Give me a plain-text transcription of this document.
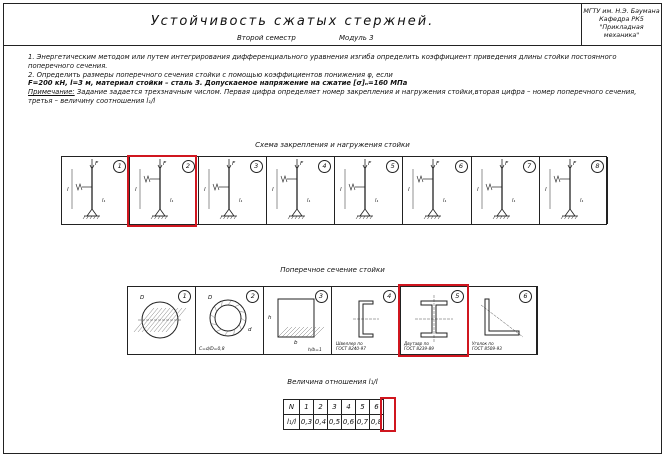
Устойчивость сжатых стержней.
Второй семестр	Модуль 3
МГТУ им. Н.Э. Баумана
Кафедра РК5
"Прикладная механика"
1. Энергетическим методом или путем интегрирования дифференциального уравнения изгиба определить коэффициент приведения длины стойки постоянного поперечного сечения.
2. Определить размеры поперечного сечения стойки с помощью коэффициентов понижения φ, если
F=200 кН, l=3 м, материал стойки – сталь 3. Допускаемое напряжение на сжатие [σ]ₙ=160 МПа
Примечание: Задание задается трехзначным числом. Первая цифра определяет номер закрепления и нагружения стойки,вторая цифра – номер поперечного сечения, третья – величину соотношения l₁/l
Схема закрепления и нагружения стойки
F
l
l₁
1	F
l
l₁
2	F
l
l₁
3	F
l
l₁
4	F
l
l₁
5	F
l
l₁
6	F
l
l₁
7	F
l
l₁
8
Поперечное сечение стойки
D	1	D
d
C=d/D=0,8
2
h
b
h/b=1
3
Швеллер по
ГОСТ 8240-97
4
Двутавр по
ГОСТ 8239-89
5
Уголок по
ГОСТ 8509-93
6
Величина отношения l₁/l
N	1	2	3	4	5	6
l₁/l	0,3	0,4	0,5	0,6	0,7	0,8
